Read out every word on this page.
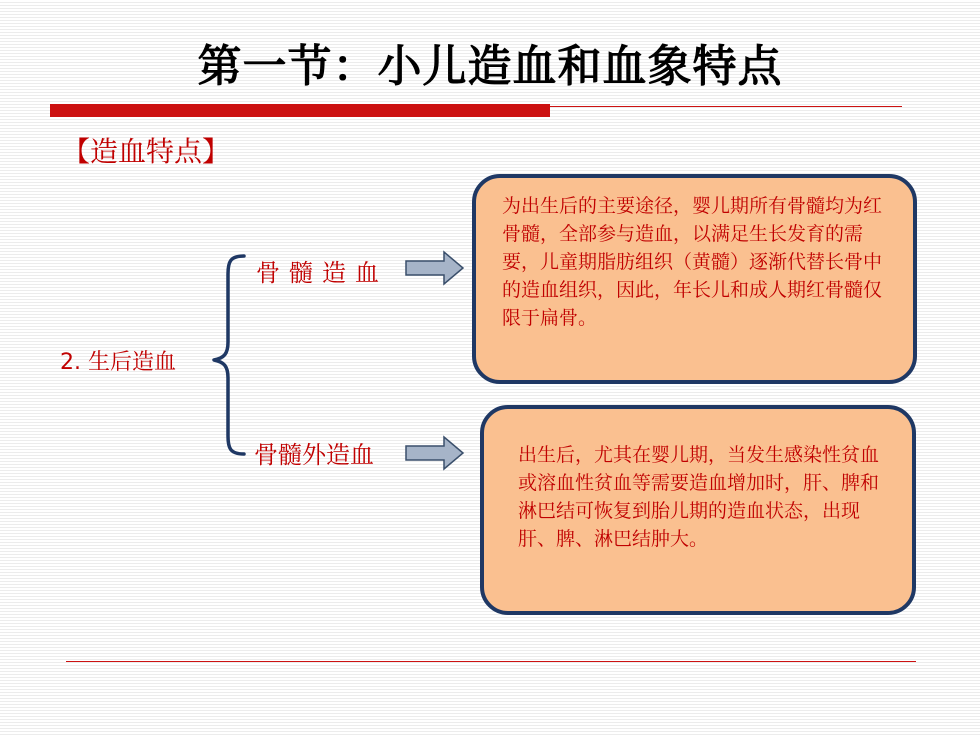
第一节：小儿造血和血象特点
【造血特点】
2. 生后造血
骨髓造血
骨髓外造血
为出生后的主要途径，婴儿期所有骨髓均为红骨髓，全部参与造血，以满足生长发育的需要，儿童期脂肪组织（黄髓）逐渐代替长骨中的造血组织，因此，年长儿和成人期红骨髓仅限于扁骨。
出生后，尤其在婴儿期，当发生感染性贫血或溶血性贫血等需要造血增加时，肝、脾和淋巴结可恢复到胎儿期的造血状态，出现肝、脾、淋巴结肿大。
